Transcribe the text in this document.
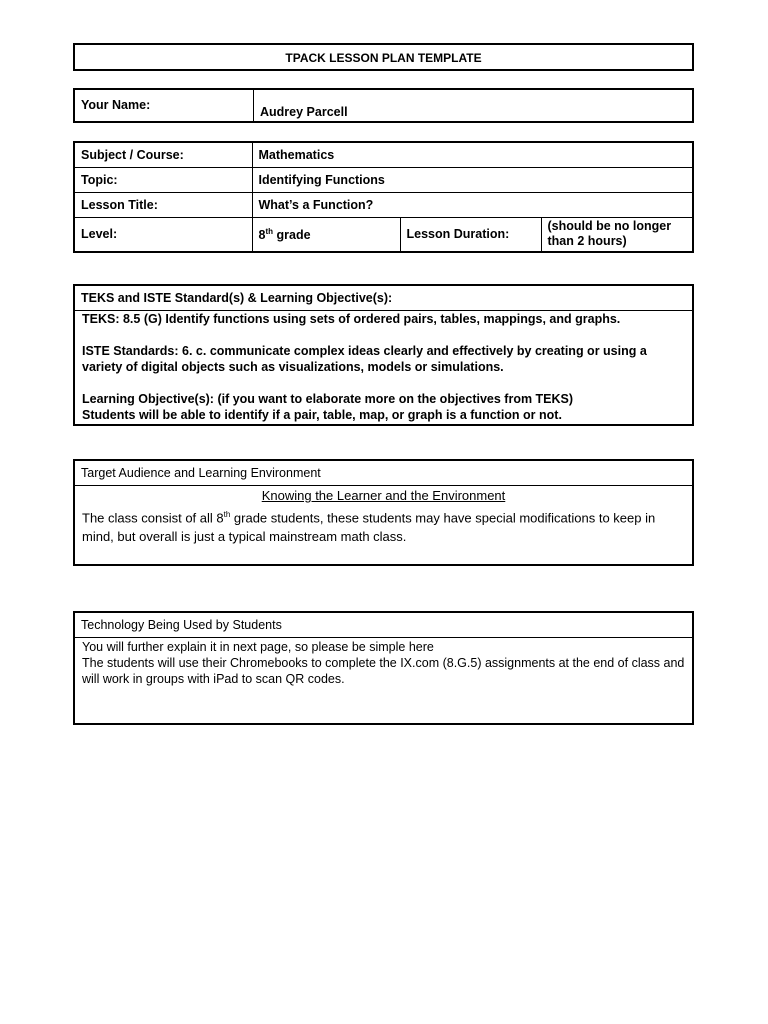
TPACK LESSON PLAN TEMPLATE
Your Name:	Audrey Parcell
Subject / Course:	Mathematics		
Topic:	Identifying Functions		
Lesson Title:	What’s a Function?		
Level:	8th grade	Lesson Duration:	(should be no longer than 2 hours)
TEKS and ISTE Standard(s) & Learning Objective(s):

TEKS: 8.5 (G) Identify functions using sets of ordered pairs, tables, mappings, and graphs.

ISTE Standards: 6. c. communicate complex ideas clearly and effectively by creating or using a variety of digital objects such as visualizations, models or simulations.

Learning Objective(s): (if you want to elaborate more on the objectives from TEKS)

Students will be able to identify if a pair, table, map, or graph is a function or not.

Target Audience and Learning Environment
Knowing the Learner and the Environment

The class consist of all 8th grade students, these students may have special modifications to keep in mind, but overall is just a typical mainstream math class.

Technology Being Used by Students

You will further explain it in next page, so please be simple here

The students will use their Chromebooks to complete the IX.com (8.G.5) assignments at the end of class and will work in groups with iPad to scan QR codes.
